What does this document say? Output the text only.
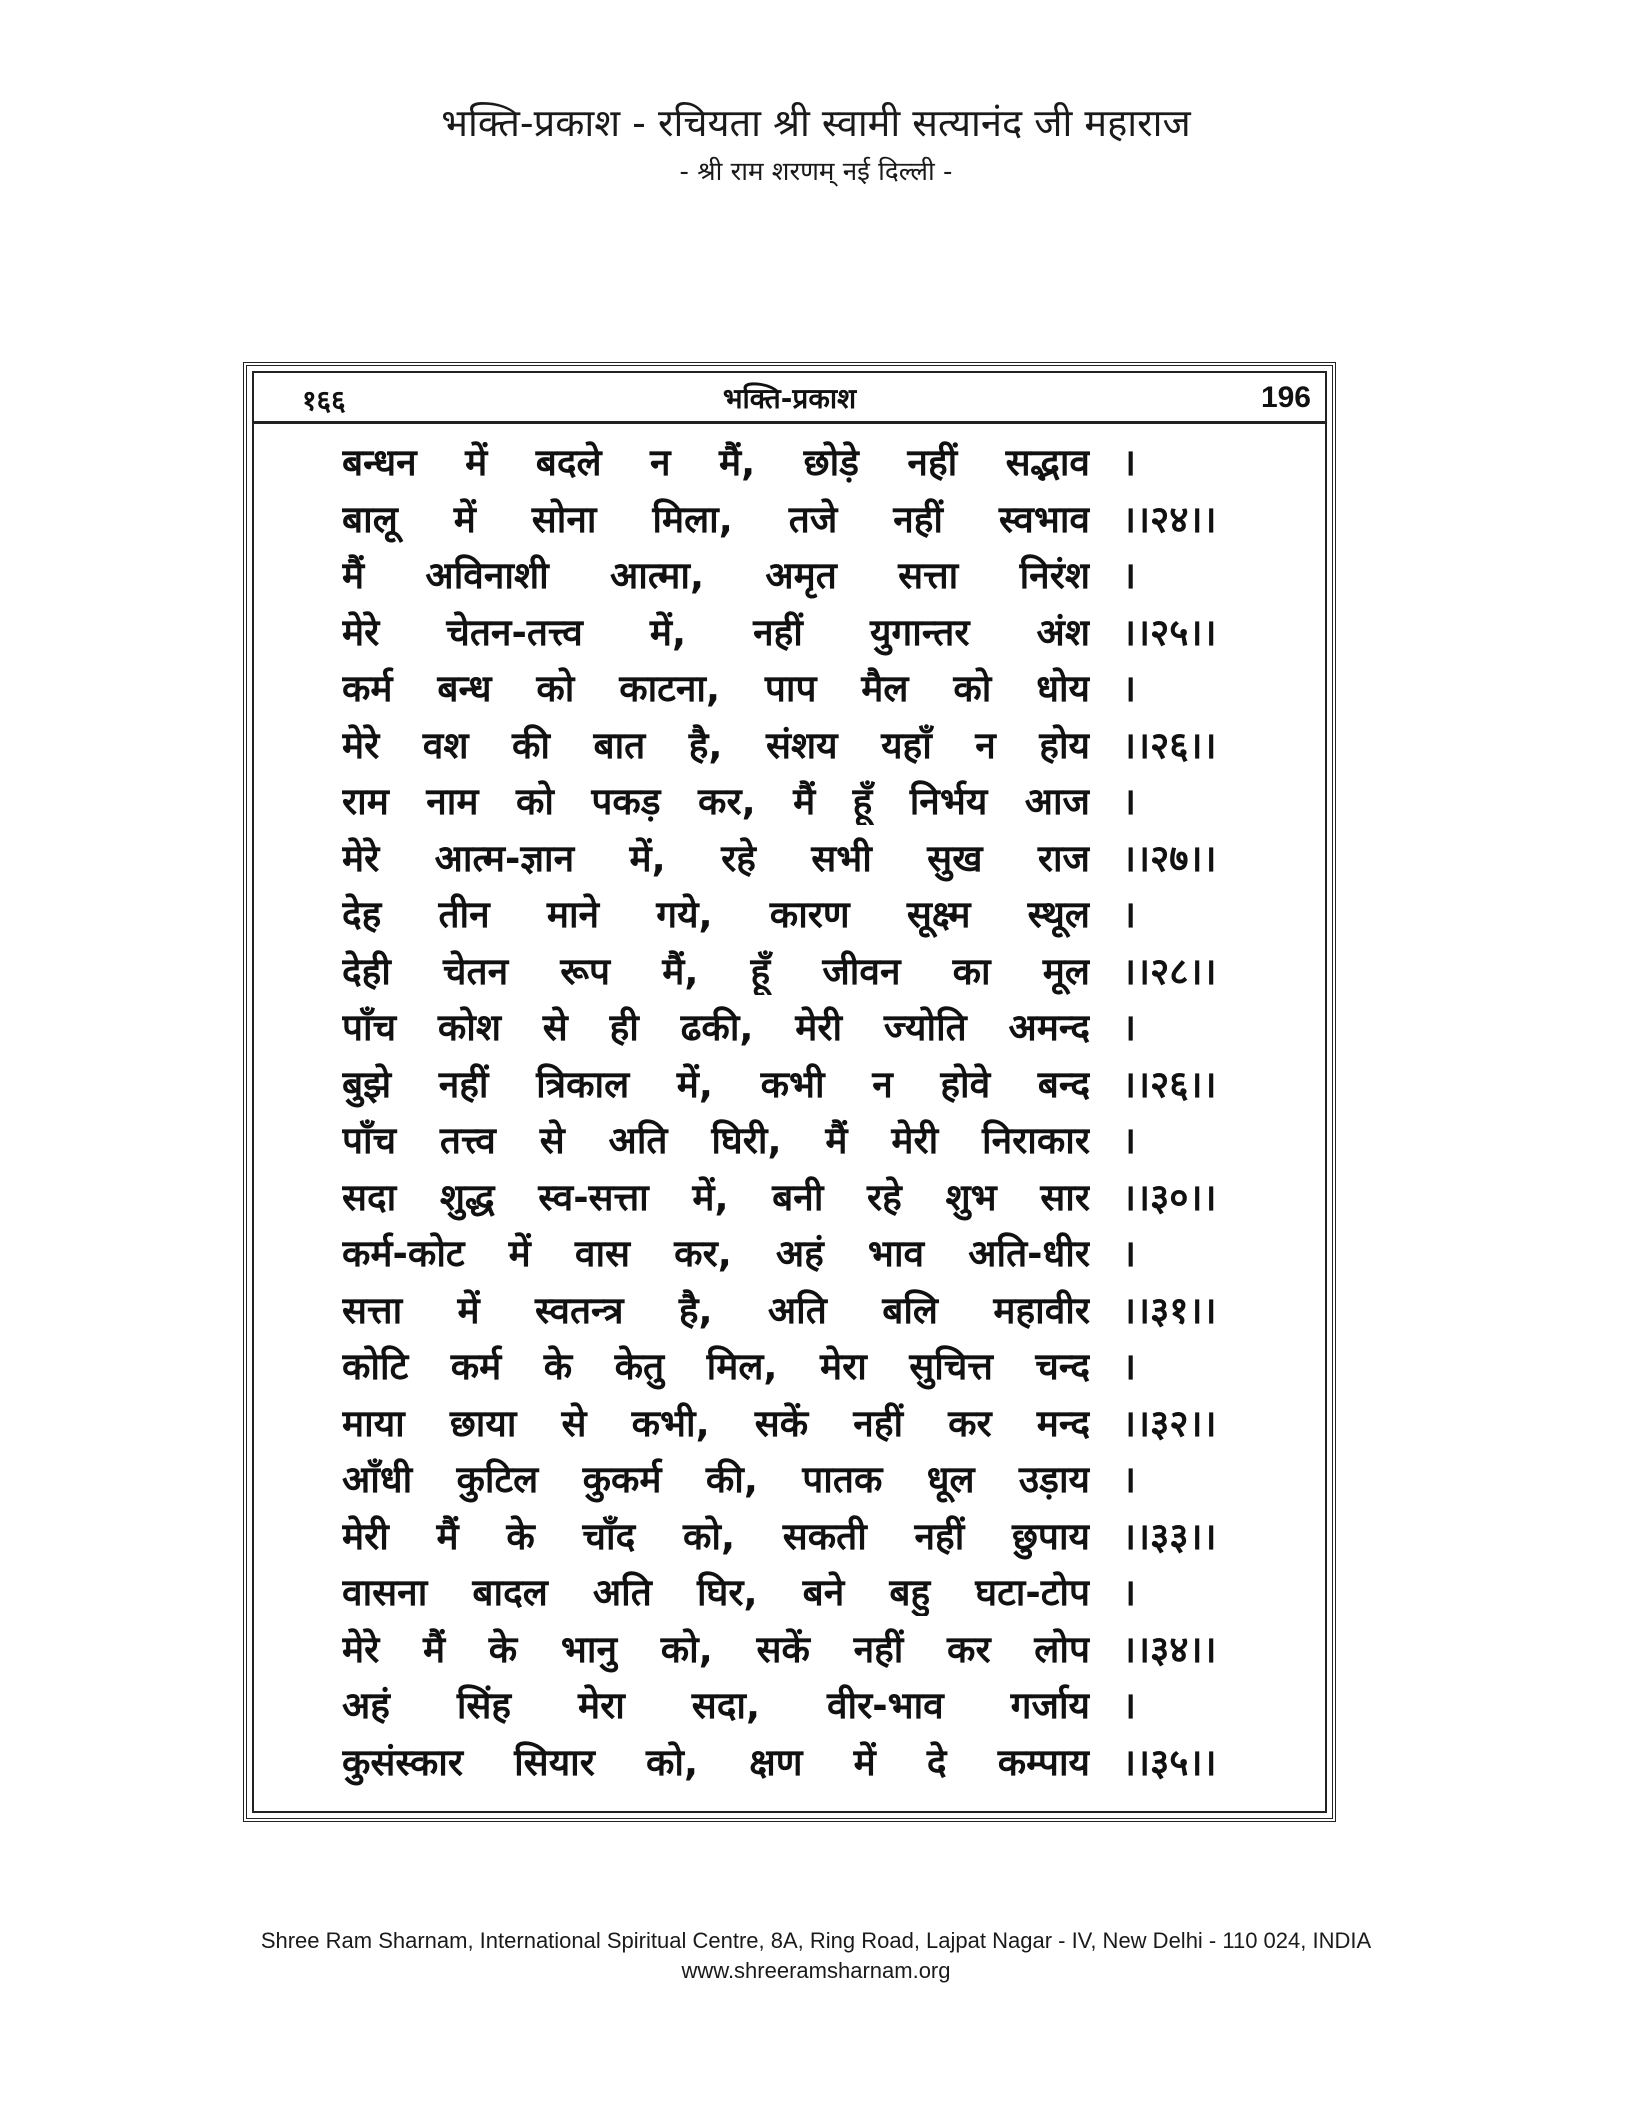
भक्ति-प्रकाश - रचियता श्री स्वामी सत्यानंद जी महाराज
- श्री राम शरणम् नई दिल्ली -
१६६	भक्ति-प्रकाश	196
बन्धन में बदले न मैं, छोड़े नहीं सद्भाव ।
बालू में सोना मिला, तजे नहीं स्वभाव ।।२४।।
मैं अविनाशी आत्मा, अमृत सत्ता निरंश ।
मेरे चेतन-तत्त्व में, नहीं युगान्तर अंश ।।२५।।
कर्म बन्ध को काटना, पाप मैल को धोय ।
मेरे वश की बात है, संशय यहाँ न होय ।।२६।।
राम नाम को पकड़ कर, मैं हूँ निर्भय आज ।
मेरे आत्म-ज्ञान में, रहे सभी सुख राज ।।२७।।
देह तीन माने गये, कारण सूक्ष्म स्थूल ।
देही चेतन रूप मैं, हूँ जीवन का मूल ।।२८।।
पाँच कोश से ही ढकी, मेरी ज्योति अमन्द ।
बुझे नहीं त्रिकाल में, कभी न होवे बन्द ।।२६।।
पाँच तत्त्व से अति घिरी, मैं मेरी निराकार ।
सदा शुद्ध स्व-सत्ता में, बनी रहे शुभ सार ।।३०।।
कर्म-कोट में वास कर, अहं भाव अति-धीर ।
सत्ता में स्वतन्त्र है, अति बलि महावीर ।।३१।।
कोटि कर्म के केतु मिल, मेरा सुचित्त चन्द ।
माया छाया से कभी, सकें नहीं कर मन्द ।।३२।।
आँधी कुटिल कुकर्म की, पातक धूल उड़ाय ।
मेरी मैं के चाँद को, सकती नहीं छुपाय ।।३३।।
वासना बादल अति घिर, बने बहु घटा-टोप ।
मेरे मैं के भानु को, सकें नहीं कर लोप ।।३४।।
अहं सिंह मेरा सदा, वीर-भाव गर्जाय ।
कुसंस्कार सियार को, क्षण में दे कम्पाय ।।३५।।
Shree Ram Sharnam, International Spiritual Centre, 8A, Ring Road, Lajpat Nagar - IV, New Delhi - 110 024, INDIA
www.shreeramsharnam.org
